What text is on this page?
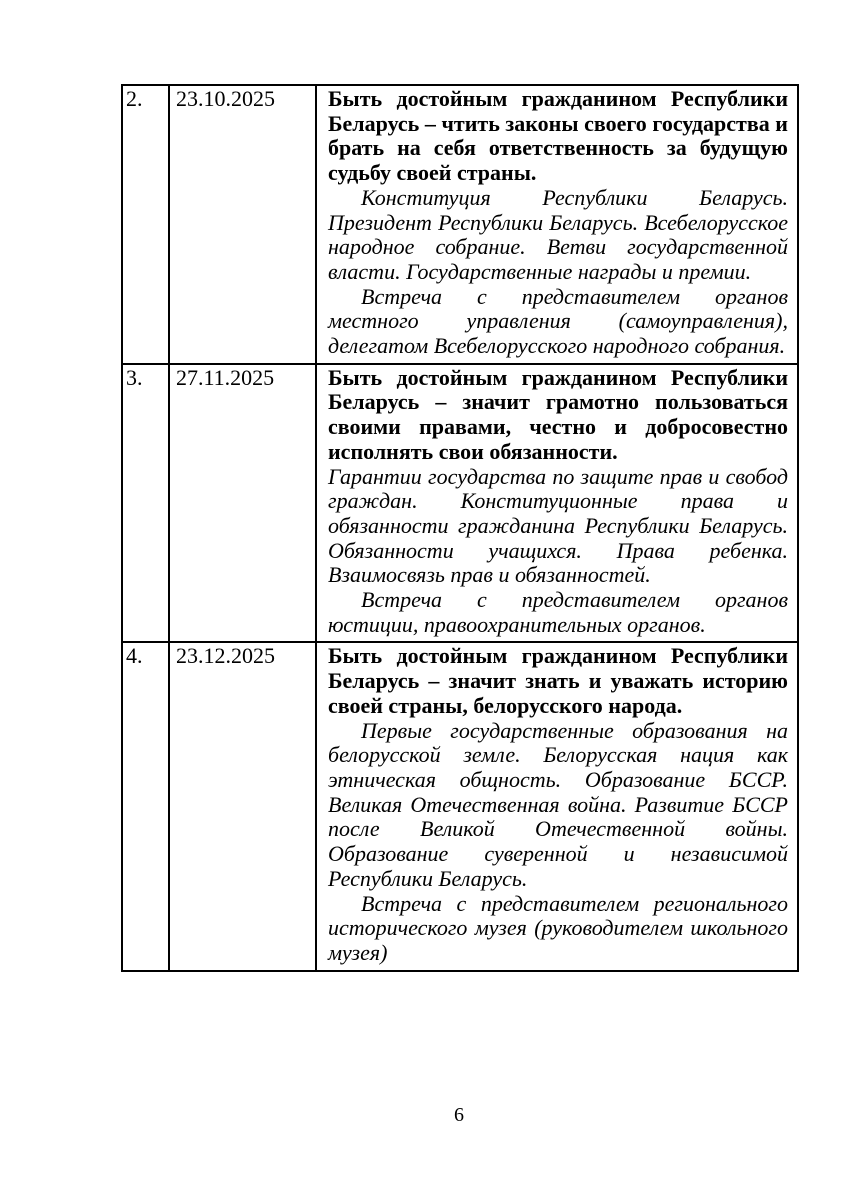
2.	23.10.2025	Быть достойным гражданином Республики Беларусь – чтить законы своего государства и брать на себя ответственность за будущую судьбу своей страны.

Конституция Республики Беларусь. Президент Республики Беларусь. Всебелорусское народное собрание. Ветви государственной власти. Государственные награды и премии.

Встреча с представителем органов местного управления (самоуправления), делегатом Всебелорусского народного собрания.

3.	27.11.2025	Быть достойным гражданином Республики Беларусь – значит грамотно пользоваться своими правами, честно и добросовестно исполнять свои обязанности.

Гарантии государства по защите прав и свобод граждан. Конституционные права и обязанности гражданина Республики Беларусь. Обязанности учащихся. Права ребенка. Взаимосвязь прав и обязанностей.

Встреча с представителем органов юстиции, правоохранительных органов.

4.	23.12.2025	Быть достойным гражданином Республики Беларусь – значит знать и уважать историю своей страны, белорусского народа.

Первые государственные образования на белорусской земле. Белорусская нация как этническая общность. Образование БССР. Великая Отечественная война. Развитие БССР после Великой Отечественной войны. Образование суверенной и независимой Республики Беларусь.

Встреча с представителем регионального исторического музея (руководителем школьного музея)

6
